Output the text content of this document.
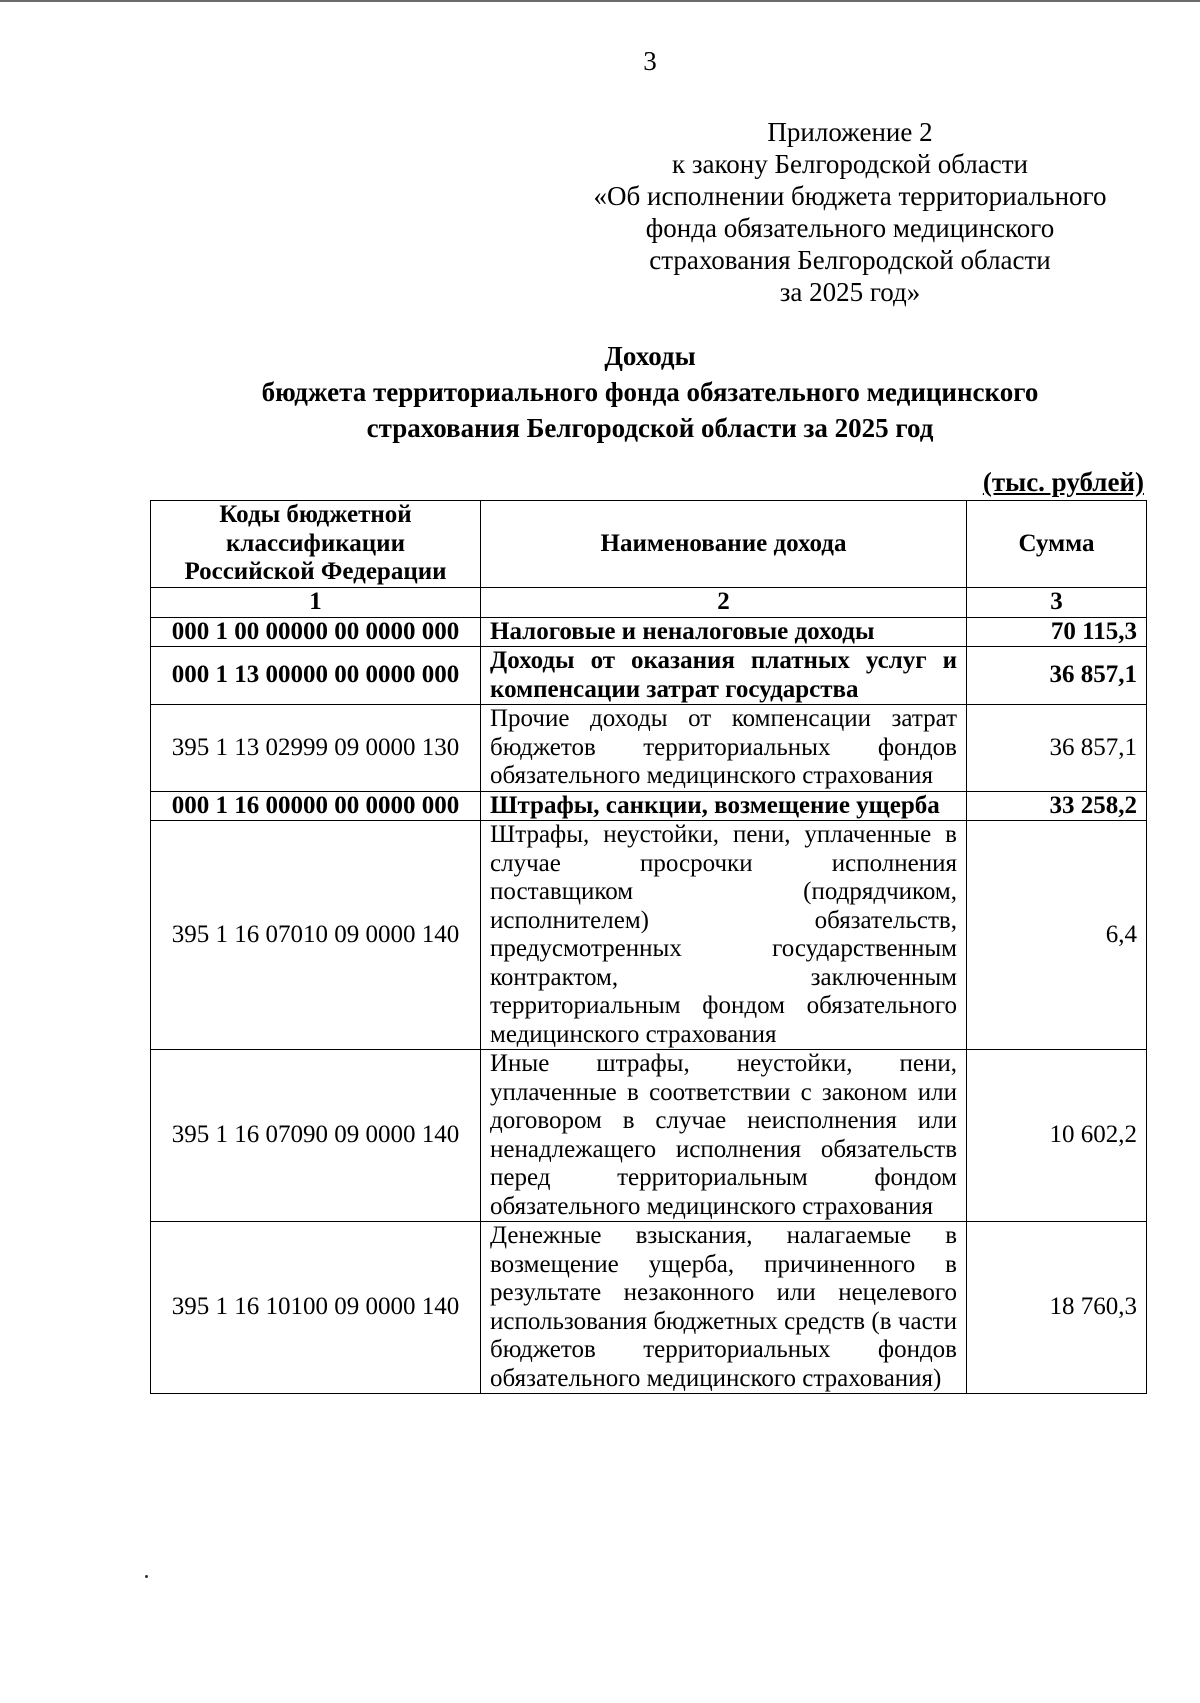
3
Приложение 2
к закону Белгородской области
«Об исполнении бюджета территориального
фонда обязательного медицинского
страхования Белгородской области
за 2025 год»
Доходы
бюджета территориального фонда обязательного медицинского
страхования Белгородской области за 2025 год
(тыс. рублей)
Коды бюджетной классификации Российской Федерации	Наименование дохода	Сумма
1	2	3
000 1 00 00000 00 0000 000	Налоговые и неналоговые доходы	70 115,3
000 1 13 00000 00 0000 000	Доходы от оказания платных услуг и компенсации затрат государства	36 857,1
395 1 13 02999 09 0000 130	Прочие доходы от компенсации затрат бюджетов территориальных фондов обязательного медицинского страхования	36 857,1
000 1 16 00000 00 0000 000	Штрафы, санкции, возмещение ущерба	33 258,2
395 1 16 07010 09 0000 140	Штрафы, неустойки, пени, уплаченные в случае просрочки исполнения поставщиком (подрядчиком, исполнителем) обязательств, предусмотренных государственным контрактом, заключенным территориальным фондом обязательного медицинского страхования	6,4
395 1 16 07090 09 0000 140	Иные штрафы, неустойки, пени, уплаченные в соответствии с законом или договором в случае неисполнения или ненадлежащего исполнения обязательств перед территориальным фондом обязательного медицинского страхования	10 602,2
395 1 16 10100 09 0000 140	Денежные взыскания, налагаемые в возмещение ущерба, причиненного в результате незаконного или нецелевого использования бюджетных средств (в части бюджетов территориальных фондов обязательного медицинского страхования)	18 760,3
